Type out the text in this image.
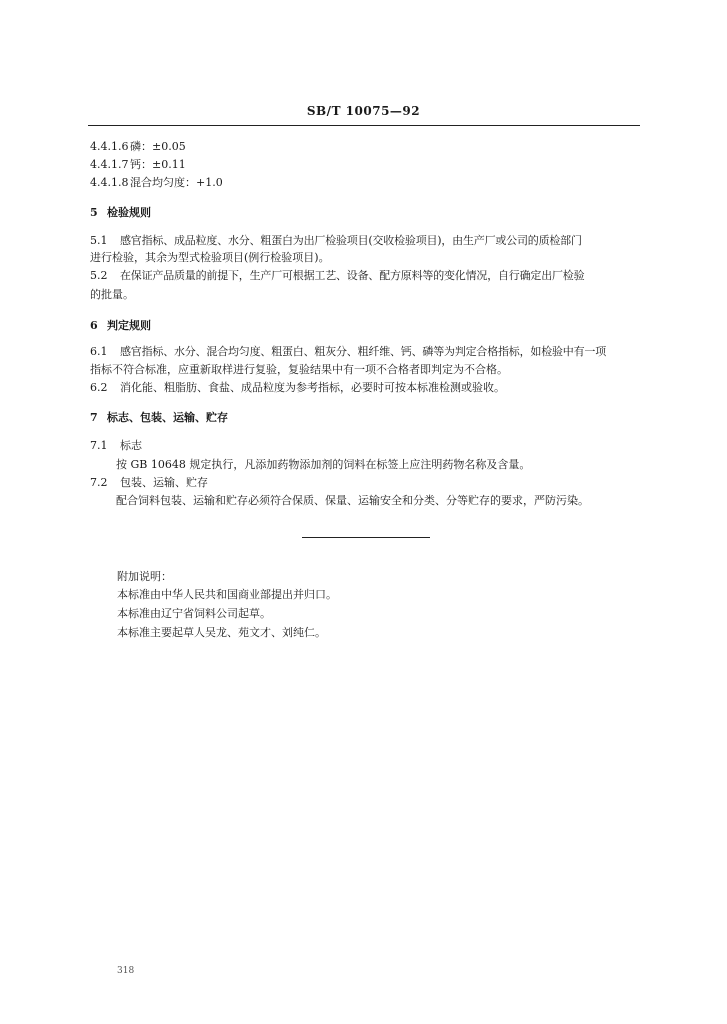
SB/T 10075—92
4.4.1.6 磷：±0.05
4.4.1.7 钙：±0.11
4.4.1.8 混合均匀度：+1.0
5 检验规则
5.1 感官指标、成品粒度、水分、粗蛋白为出厂检验项目(交收检验项目)，由生产厂或公司的质检部门
进行检验，其余为型式检验项目(例行检验项目)。
5.2 在保证产品质量的前提下，生产厂可根据工艺、设备、配方原料等的变化情况，自行确定出厂检验
的批量。
6 判定规则
6.1 感官指标、水分、混合均匀度、粗蛋白、粗灰分、粗纤维、钙、磷等为判定合格指标，如检验中有一项
指标不符合标准，应重新取样进行复验，复验结果中有一项不合格者即判定为不合格。
6.2 消化能、粗脂肪、食盐、成品粒度为参考指标，必要时可按本标准检测或验收。
7 标志、包装、运输、贮存
7.1 标志
按 GB 10648 规定执行，凡添加药物添加剂的饲料在标签上应注明药物名称及含量。
7.2 包装、运输、贮存
配合饲料包装、运输和贮存必须符合保质、保量、运输安全和分类、分等贮存的要求，严防污染。
附加说明：
本标准由中华人民共和国商业部提出并归口。
本标准由辽宁省饲料公司起草。
本标准主要起草人吴龙、苑文才、刘纯仁。
318
